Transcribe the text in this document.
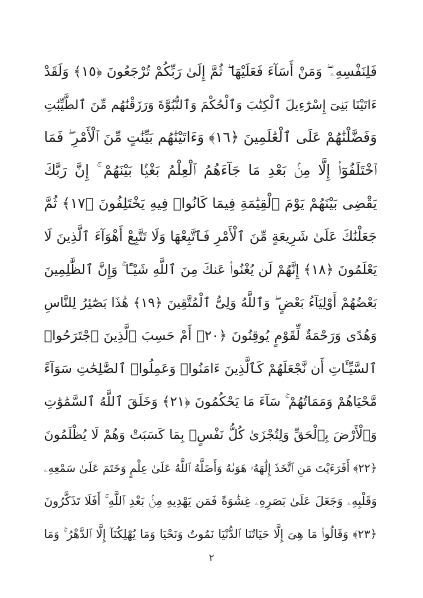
فَلِنَفْسِهِۦ ۖ وَمَنْ أَسَآءَ فَعَلَيْهَا ۖ ثُمَّ إِلَىٰ رَبِّكُمْ تُرْجَعُونَ ﴿١٥﴾ وَلَقَدْ
ءَاتَيْنَا بَنِىٓ إِسْرَٰٓءِيلَ ٱلْكِتَٰبَ وَٱلْحُكْمَ وَٱلنُّبُوَّةَ وَرَزَقْنَٰهُم مِّنَ ٱلطَّيِّبَٰتِ
وَفَضَّلْنَٰهُمْ عَلَى ٱلْعَٰلَمِينَ ﴿١٦﴾ وَءَاتَيْنَٰهُم بَيِّنَٰتٍ مِّنَ ٱلْأَمْرِ ۖ فَمَا
ٱخْتَلَفُوٓا۟ إِلَّا مِنۢ بَعْدِ مَا جَآءَهُمُ ٱلْعِلْمُ بَغْيًۢا بَيْنَهُمْ ۚ إِنَّ رَبَّكَ
يَقْضِى بَيْنَهُمْ يَوْمَ ٱلْقِيَٰمَةِ فِيمَا كَانُوا۟ فِيهِ يَخْتَلِفُونَ ﴿١٧﴾ ثُمَّ
جَعَلْنَٰكَ عَلَىٰ شَرِيعَةٍ مِّنَ ٱلْأَمْرِ فَٱتَّبِعْهَا وَلَا تَتَّبِعْ أَهْوَآءَ ٱلَّذِينَ لَا
يَعْلَمُونَ ﴿١٨﴾ إِنَّهُمْ لَن يُغْنُوا۟ عَنكَ مِنَ ٱللَّهِ شَيْـًٔا ۚ وَإِنَّ ٱلظَّٰلِمِينَ
بَعْضُهُمْ أَوْلِيَآءُ بَعْضٍ ۖ وَٱللَّهُ وَلِىُّ ٱلْمُتَّقِينَ ﴿١٩﴾ هَٰذَا بَصَٰٓئِرُ لِلنَّاسِ
وَهُدًى وَرَحْمَةٌ لِّقَوْمٍ يُوقِنُونَ ﴿٢٠﴾ أَمْ حَسِبَ ٱلَّذِينَ ٱجْتَرَحُوا۟
ٱلسَّيِّـَٔاتِ أَن نَّجْعَلَهُمْ كَٱلَّذِينَ ءَامَنُوا۟ وَعَمِلُوا۟ ٱلصَّٰلِحَٰتِ سَوَآءً
مَّحْيَاهُمْ وَمَمَاتُهُمْ ۚ سَآءَ مَا يَحْكُمُونَ ﴿٢١﴾ وَخَلَقَ ٱللَّهُ ٱلسَّمَٰوَٰتِ
وَٱلْأَرْضَ بِٱلْحَقِّ وَلِتُجْزَىٰ كُلُّ نَفْسٍۭ بِمَا كَسَبَتْ وَهُمْ لَا يُظْلَمُونَ
﴿٢٢﴾ أَفَرَءَيْتَ مَنِ ٱتَّخَذَ إِلَٰهَهُۥ هَوَىٰهُ وَأَضَلَّهُ ٱللَّهُ عَلَىٰ عِلْمٍ وَخَتَمَ عَلَىٰ سَمْعِهِۦ
وَقَلْبِهِۦ وَجَعَلَ عَلَىٰ بَصَرِهِۦ غِشَٰوَةً فَمَن يَهْدِيهِ مِنۢ بَعْدِ ٱللَّهِ ۚ أَفَلَا تَذَكَّرُونَ
﴿٢٣﴾ وَقَالُوا۟ مَا هِىَ إِلَّا حَيَاتُنَا ٱلدُّنْيَا نَمُوتُ وَنَحْيَا وَمَا يُهْلِكُنَآ إِلَّا ٱلدَّهْرُ ۚ وَمَا
٢
